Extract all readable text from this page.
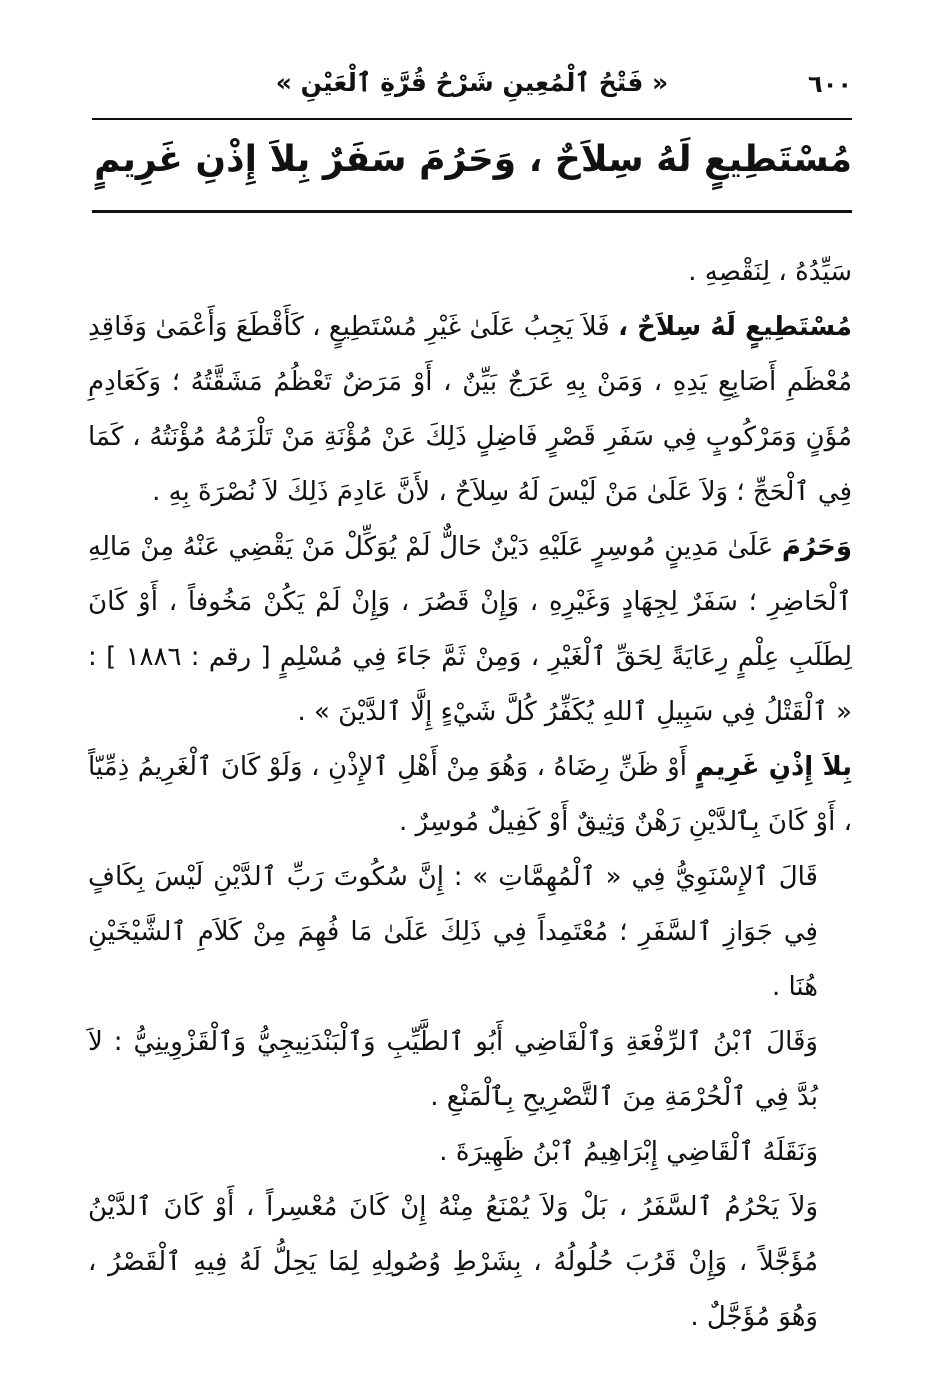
٦٠٠
« فَتْحُ ٱلْمُعِينِ شَرْحُ قُرَّةِ ٱلْعَيْنِ »
مُسْتَطِيعٍ لَهُ سِلاَحٌ ، وَحَرُمَ سَفَرٌ بِلاَ إِذْنِ غَرِيمٍ

سَيِّدُهُ ، لِنَقْصِهِ .

مُسْتَطِيعٍ لَهُ سِلاَحٌ ، فَلاَ يَجِبُ عَلَىٰ غَيْرِ مُسْتَطِيعٍ ، كَأَقْطَعَ وَأَعْمَىٰ وَفَاقِدِ مُعْظَمِ أَصَابِعِ يَدِهِ ، وَمَنْ بِهِ عَرَجٌ بَيِّنٌ ، أَوْ مَرَضٌ تَعْظُمُ مَشَقَّتُهُ ؛ وَكَعَادِمِ مُؤَنٍ وَمَرْكُوبٍ فِي سَفَرِ قَصْرٍ فَاضِلٍ ذَلِكَ عَنْ مُؤْنَةِ مَنْ تَلْزَمُهُ مُؤْنَتُهُ ، كَمَا فِي ٱلْحَجِّ ؛ وَلاَ عَلَىٰ مَنْ لَيْسَ لَهُ سِلاَحٌ ، لأَنَّ عَادِمَ ذَلِكَ لاَ نُصْرَةَ بِهِ .

وَحَرُمَ عَلَىٰ مَدِينٍ مُوسِرٍ عَلَيْهِ دَيْنٌ حَالٌّ لَمْ يُوَكِّلْ مَنْ يَقْضِي عَنْهُ مِنْ مَالِهِ ٱلْحَاضِرِ ؛ سَفَرٌ لِجِهَادٍ وَغَيْرِهِ ، وَإِنْ قَصُرَ ، وَإِنْ لَمْ يَكُنْ مَخُوفاً ، أَوْ كَانَ لِطَلَبِ عِلْمٍ رِعَايَةً لِحَقِّ ٱلْغَيْرِ ، وَمِنْ ثَمَّ جَاءَ فِي مُسْلِمٍ [ رقم : ١٨٨٦ ] : « ٱلْقَتْلُ فِي سَبِيلِ ٱللهِ يُكَفِّرُ كُلَّ شَيْءٍ إِلَّا ٱلدَّيْنَ » .

بِلاَ إِذْنِ غَرِيمٍ أَوْ ظَنِّ رِضَاهُ ، وَهُوَ مِنْ أَهْلِ ٱلإِذْنِ ، وَلَوْ كَانَ ٱلْغَرِيمُ ذِمِّيّاً ، أَوْ كَانَ بِٱلدَّيْنِ رَهْنٌ وَثِيقٌ أَوْ كَفِيلٌ مُوسِرٌ .

قَالَ ٱلإِسْنَوِيُّ فِي « ٱلْمُهِمَّاتِ » : إِنَّ سُكُوتَ رَبِّ ٱلدَّيْنِ لَيْسَ بِكَافٍ فِي جَوَازِ ٱلسَّفَرِ ؛ مُعْتَمِداً فِي ذَلِكَ عَلَىٰ مَا فُهِمَ مِنْ كَلاَمِ ٱلشَّيْخَيْنِ هُنَا .

وَقَالَ ٱبْنُ ٱلرِّفْعَةِ وَٱلْقَاضِي أَبُو ٱلطَّيِّبِ وَٱلْبَنْدَنِيجِيُّ وَٱلْقَزْوِينِيُّ : لاَ بُدَّ فِي ٱلْحُرْمَةِ مِنَ ٱلتَّصْرِيحِ بِٱلْمَنْعِ .

وَنَقَلَهُ ٱلْقَاضِي إِبْرَاهِيمُ ٱبْنُ ظَهِيرَةَ .

وَلاَ يَحْرُمُ ٱلسَّفَرُ ، بَلْ وَلاَ يُمْنَعُ مِنْهُ إِنْ كَانَ مُعْسِراً ، أَوْ كَانَ ٱلدَّيْنُ مُؤَجَّلاً ، وَإِنْ قَرُبَ حُلُولُهُ ، بِشَرْطِ وُصُولِهِ لِمَا يَحِلُّ لَهُ فِيهِ ٱلْقَصْرُ ، وَهُوَ مُؤَجَّلٌ .
